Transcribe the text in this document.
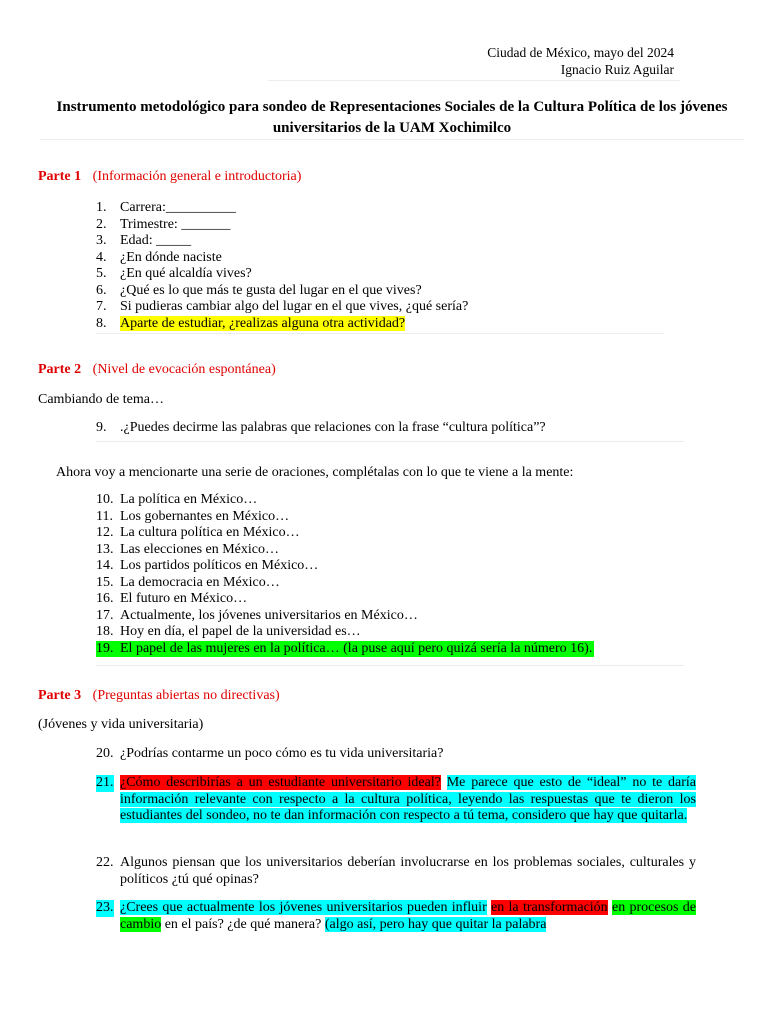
Ciudad de México, mayo del 2024
Ignacio Ruiz Aguilar
Instrumento metodológico para sondeo de Representaciones Sociales de la Cultura Política de los jóvenes universitarios de la UAM Xochimilco
Parte 1 (Información general e introductoria)
1. Carrera:__________
2. Trimestre: _______
3. Edad: _____
4. ¿En dónde naciste
5. ¿En qué alcaldía vives?
6. ¿Qué es lo que más te gusta del lugar en el que vives?
7. Si pudieras cambiar algo del lugar en el que vives, ¿qué sería?
8. Aparte de estudiar, ¿realizas alguna otra actividad?
Parte 2 (Nivel de evocación espontánea)
Cambiando de tema…
9. .¿Puedes decirme las palabras que relaciones con la frase “cultura política”?
Ahora voy a mencionarte una serie de oraciones, complétalas con lo que te viene a la mente:
10. La política en México…
11. Los gobernantes en México…
12. La cultura política en México…
13. Las elecciones en México…
14. Los partidos políticos en México…
15. La democracia en México…
16. El futuro en México…
17. Actualmente, los jóvenes universitarios en México…
18. Hoy en día, el papel de la universidad es…
19. El papel de las mujeres en la política… (la puse aquí pero quizá sería la número 16).
Parte 3 (Preguntas abiertas no directivas)
(Jóvenes y vida universitaria)
20. ¿Podrías contarme un poco cómo es tu vida universitaria?
21. ¿Cómo describirías a un estudiante universitario ideal? Me parece que esto de “ideal” no te daría información relevante con respecto a la cultura política, leyendo las respuestas que te dieron los estudiantes del sondeo, no te dan información con respecto a tú tema, considero que hay que quitarla.
22. Algunos piensan que los universitarios deberían involucrarse en los problemas sociales, culturales y políticos ¿tú qué opinas?
23. ¿Crees que actualmente los jóvenes universitarios pueden influir en la transformación en procesos de cambio en el país? ¿de qué manera? (algo así, pero hay que quitar la palabra
